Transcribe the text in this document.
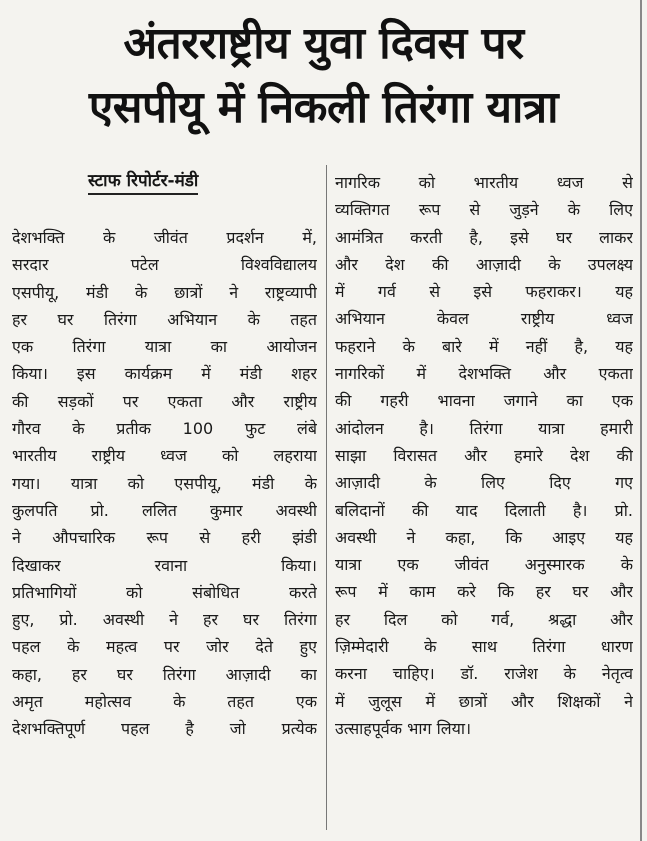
अंतरराष्ट्रीय युवा दिवस पर
एसपीयू में निकली तिरंगा यात्रा
स्टाफ रिपोर्टर-मंडी
देशभक्ति के जीवंत प्रदर्शन में,
सरदार पटेल विश्वविद्यालय
एसपीयू, मंडी के छात्रों ने राष्ट्रव्यापी
हर घर तिरंगा अभियान के तहत
एक तिरंगा यात्रा का आयोजन
किया। इस कार्यक्रम में मंडी शहर
की सड़कों पर एकता और राष्ट्रीय
गौरव के प्रतीक 100 फुट लंबे
भारतीय राष्ट्रीय ध्वज को लहराया
गया। यात्रा को एसपीयू, मंडी के
कुलपति प्रो. ललित कुमार अवस्थी
ने औपचारिक रूप से हरी झंडी
दिखाकर रवाना किया।
प्रतिभागियों को संबोधित करते
हुए, प्रो. अवस्थी ने हर घर तिरंगा
पहल के महत्व पर जोर देते हुए
कहा, हर घर तिरंगा आज़ादी का
अमृत महोत्सव के तहत एक
देशभक्तिपूर्ण पहल है जो प्रत्येक
नागरिक को भारतीय ध्वज से
व्यक्तिगत रूप से जुड़ने के लिए
आमंत्रित करती है, इसे घर लाकर
और देश की आज़ादी के उपलक्ष्य
में गर्व से इसे फहराकर। यह
अभियान केवल राष्ट्रीय ध्वज
फहराने के बारे में नहीं है, यह
नागरिकों में देशभक्ति और एकता
की गहरी भावना जगाने का एक
आंदोलन है। तिरंगा यात्रा हमारी
साझा विरासत और हमारे देश की
आज़ादी के लिए दिए गए
बलिदानों की याद दिलाती है। प्रो.
अवस्थी ने कहा, कि आइए यह
यात्रा एक जीवंत अनुस्मारक के
रूप में काम करे कि हर घर और
हर दिल को गर्व, श्रद्धा और
ज़िम्मेदारी के साथ तिरंगा धारण
करना चाहिए। डॉ. राजेश के नेतृत्व
में जुलूस में छात्रों और शिक्षकों ने
उत्साहपूर्वक भाग लिया।
